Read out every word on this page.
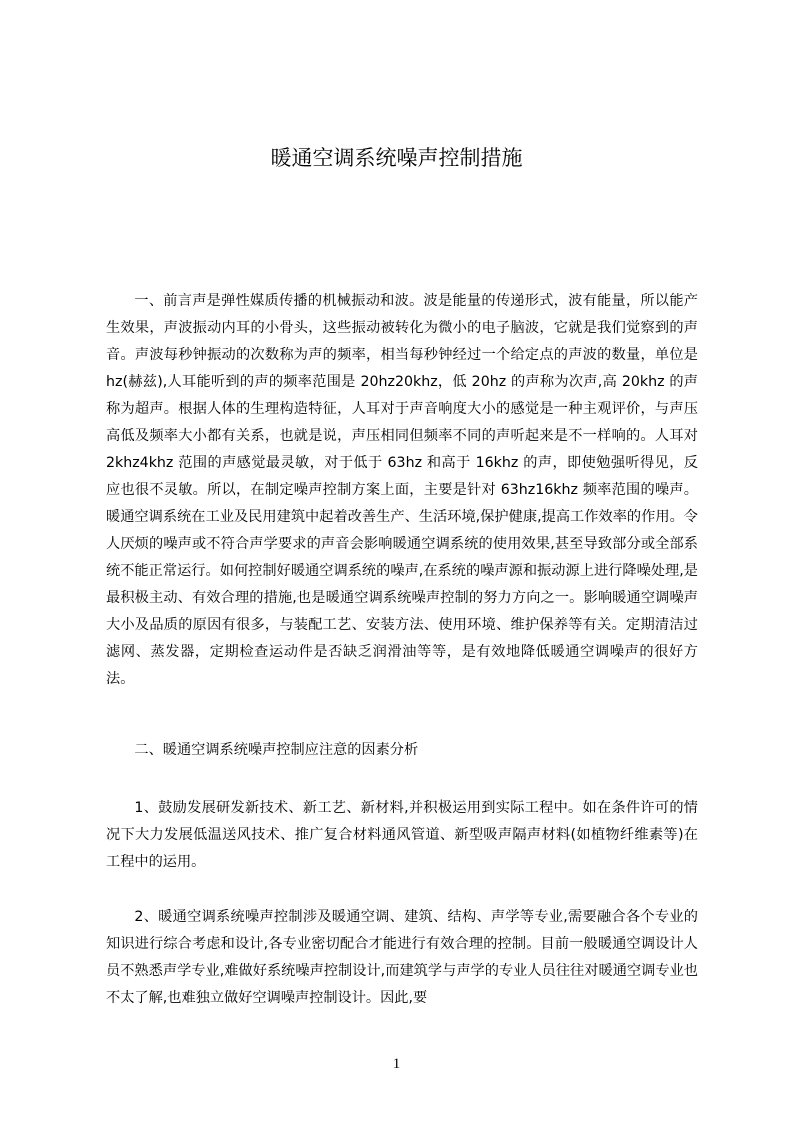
暖通空调系统噪声控制措施

一、前言声是弹性媒质传播的机械振动和波。波是能量的传递形式，波有能量，所以能产生效果，声波振动内耳的小骨头，这些振动被转化为微小的电子脑波，它就是我们觉察到的声音。声波每秒钟振动的次数称为声的频率，相当每秒钟经过一个给定点的声波的数量，单位是 hz(赫兹),人耳能听到的声的频率范围是 20hz20khz，低 20hz 的声称为次声,高 20khz 的声称为超声。根据人体的生理构造特征，人耳对于声音响度大小的感觉是一种主观评价，与声压高低及频率大小都有关系，也就是说，声压相同但频率不同的声听起来是不一样响的。人耳对 2khz4khz 范围的声感觉最灵敏，对于低于 63hz 和高于 16khz 的声，即使勉强听得见，反应也很不灵敏。所以，在制定噪声控制方案上面，主要是针对 63hz16khz 频率范围的噪声。暖通空调系统在工业及民用建筑中起着改善生产、生活环境,保护健康,提高工作效率的作用。令人厌烦的噪声或不符合声学要求的声音会影响暖通空调系统的使用效果,甚至导致部分或全部系统不能正常运行。如何控制好暖通空调系统的噪声,在系统的噪声源和振动源上进行降噪处理,是最积极主动、有效合理的措施,也是暖通空调系统噪声控制的努力方向之一。影响暖通空调噪声大小及品质的原因有很多，与装配工艺、安装方法、使用环境、维护保养等有关。定期清洁过滤网、蒸发器，定期检查运动件是否缺乏润滑油等等，是有效地降低暖通空调噪声的很好方法。

二、暖通空调系统噪声控制应注意的因素分析

1、鼓励发展研发新技术、新工艺、新材料,并积极运用到实际工程中。如在条件许可的情况下大力发展低温送风技术、推广复合材料通风管道、新型吸声隔声材料(如植物纤维素等)在工程中的运用。

2、暖通空调系统噪声控制涉及暖通空调、建筑、结构、声学等专业,需要融合各个专业的知识进行综合考虑和设计,各专业密切配合才能进行有效合理的控制。目前一般暖通空调设计人员不熟悉声学专业,难做好系统噪声控制设计,而建筑学与声学的专业人员往往对暖通空调专业也不太了解,也难独立做好空调噪声控制设计。因此,要

1
